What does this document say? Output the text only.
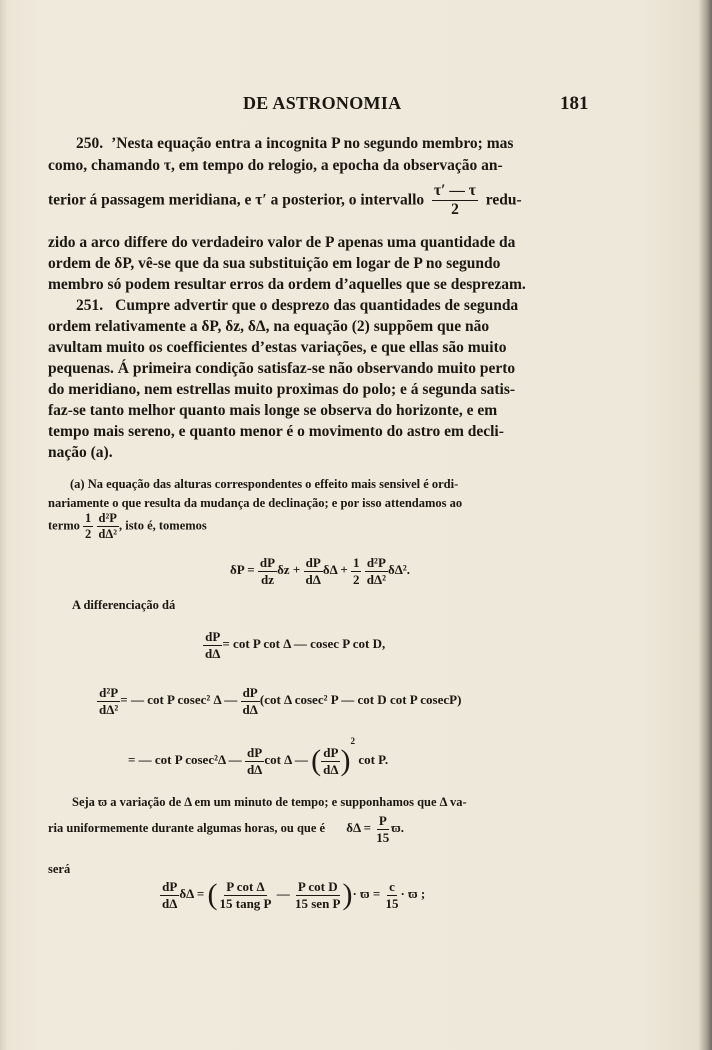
DE ASTRONOMIA	181
250. ’Nesta equação entra a incognita P no segundo membro; mas
como, chamando τ, em tempo do relogio, a epocha da observação an-
terior á passagem meridiana, e τ′ a posterior, o intervallo $\frac{\tau' — \tau}{2}$ redu-
zido a arco differe do verdadeiro valor de P apenas uma quantidade da
ordem de δP, vê-se que da sua substituição em logar de P no segundo
membro só podem resultar erros da ordem d’aquelles que se desprezam.
251. Cumpre advertir que o desprezo das quantidades de segunda
ordem relativamente a δP, δz, δΔ, na equação (2) suppõem que não
avultam muito os coefficientes d’estas variações, e que ellas são muito
pequenas. Á primeira condição satisfaz-se não observando muito perto
do meridiano, nem estrellas muito proximas do polo; e á segunda satis-
faz-se tanto melhor quanto mais longe se observa do horizonte, e em
tempo mais sereno, e quanto menor é o movimento do astro em decli-
nação (a).
(a) Na equação das alturas correspondentes o effeito mais sensivel é ordi-
nariamente o que resulta da mudança de declinação; e por isso attendamos ao
termo $\frac{1}{2}$
$\frac{\text{d²P}}{\text{dΔ²}}$ , isto é, tomemos
$\delta P = \frac{dP}{dz}$ $\delta z + \frac{dP}{d\Delta}$ $\delta\Delta + \frac{1}{2}$
$\frac{\text{d²P}}{\text{dΔ²}} \delta\Delta^2$.
A differenciação dá
$\frac{dP}{d\Delta} = \cot P$ cot Δ — cosec P cot D,
$\frac{\text{d²P}}{\text{dΔ²}}$ = — cot P cosec² Δ — $\frac{dP}{d\Delta} (\cot$ Δ cosec² P — cot D cot P cosecP)
= — cot P cosec²Δ — $\frac{dP}{d\Delta}$ cot Δ — ( $\frac{dP}{d\Delta} )^2$ cot P.
Seja ϖ a variação de Δ em um minuto de tempo; e supponhamos que Δ va-
ria uniformemente durante algumas horas, ou que é $\delta\Delta = \frac{P}{15} ϖ$.
será
$\frac{dP}{d\Delta}$ δΔ = ( $\frac{\text{P cot Δ}}{\text{15 tang P}}$ — $\frac{\text{P cot D}}{\text{15 sen P}}$ )· $ϖ = \frac{c}{15} \cdot ϖ$ ;
